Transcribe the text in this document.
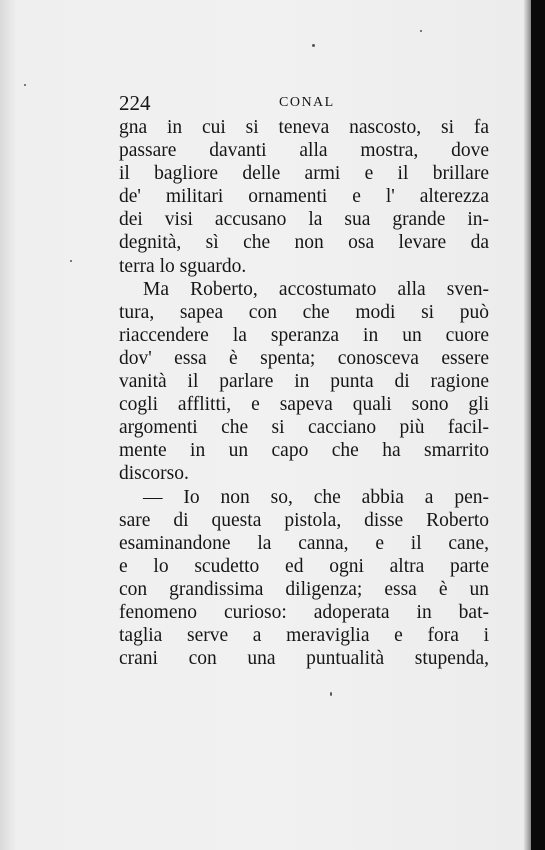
224	CONAL
gna in cui si teneva nascosto, si fa
passare davanti alla mostra, dove
il bagliore delle armi e il brillare
de' militari ornamenti e l' alterezza
dei visi accusano la sua grande in-
degnità, sì che non osa levare da
terra lo sguardo.
Ma Roberto, accostumato alla sven-
tura, sapea con che modi si può
riaccendere la speranza in un cuore
dov' essa è spenta; conosceva essere
vanità il parlare in punta di ragione
cogli afflitti, e sapeva quali sono gli
argomenti che si cacciano più facil-
mente in un capo che ha smarrito
discorso.
— Io non so, che abbia a pen-
sare di questa pistola, disse Roberto
esaminandone la canna, e il cane,
e lo scudetto ed ogni altra parte
con grandissima diligenza; essa è un
fenomeno curioso: adoperata in bat-
taglia serve a meraviglia e fora i
crani con una puntualità stupenda,
